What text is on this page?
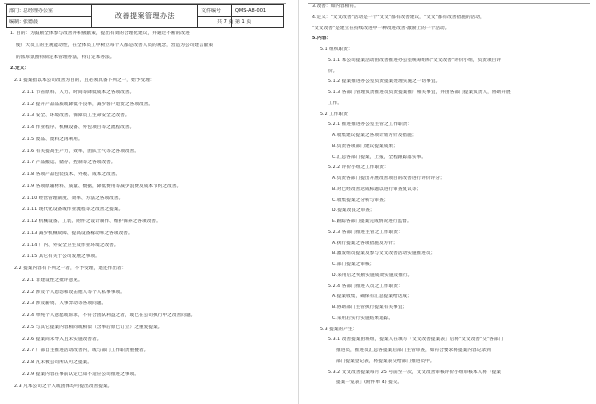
部门：
总经理办公室
编制：
张德晨
改善提案管理办法
文件编号	QMS-A8-001
共 7 页 第 1 页
1. 目的：为鼓励全体参与改善并积极献策，提出有效的合理化建议，并通过不断的改进
使广大员工的主观能动性，在全体员工中树立每个人都是改善人员的观念，营造为公司建言献策
的浓厚氛围特制定本管理办法，特订定本办法。
2.定义：
2.1 提案指以本公司改善为目的，且必须具备下列之一，始予受理：
2.1.1 节省原料、人力、时间等降低成本之各项改善。
2.1.2 提升产品品质或降低不良率，减少客户退货之各项改善。
2.1.3 安全、环境改善、保障员工生命安全之改善。
2.1.4 作业程序、机械设备、外包项目等之流程改善。
2.1.5 废品、废料之再利用。
2.1.6 有关提高生产力，效率，团队士气等之各项改善。
2.1.7 产品搬运、储存、控制等之各项改善。
2.1.8 各项产品包装技术、外观、成本之改善。
2.1.9 各项原辅材料、质量、数据，降低费用等减少浪费及成本节约之改善。
2.1.10 经营管理制度、效率、方法之各项改善。
2.1.11 现代化设备或作业流程等之改善之提案。
2.1.12 机械设备、工装、附件之设计制作、维护保养之各项改善。
2.1.13 减少机械故障、提高设备稼动率之各项改善。
2.1.14 厂内、外安全卫生及作业环境之改善。
2.1.15 其它有关于公司发展之事项。
2.2 提案内容有下列之一者，不予受理，退还作出者：
2.2.1 非建设性之批评意见。
2.2.2 涉及个人恩怨和攻击他人等个人私事事项。
2.2.3 涉及薪资、人事异动等各项问题。
2.2.4 单纯个人意愿或诉求，不符合团队利益之者，或已在公司执行中之改善问题。
2.2.5 与其它提案内容相同或相似（含事后原已订立）之重复提案。
2.2.6 提案尚未导入且未实施改善者。
2.2.7 厂部自主推进活动改善内，或与部门工作职责重叠者。
2.2.8 凡未被公司所认可之提案。
2.2.9 提案内容在事前认定已知不适应公司推进之事项。
2.3 凡本公司之个人或团体均可提出改善提案。
3.改善：如内容相符。
4.定义："文文改善"活动是一个"文文"都有改善建议，"文文"都有改善措施的活动，
"文文改善"是建立在持续改进中一种改进改善·激励上的一个活动。
5.内容：
5.1 组织职责：
5.1.1 本公司提案活动由改善推进办公室统筹组织"文文改善"评价小组，负责项目评
价。
5.1.2 提案推进办公室负责提案处理实施之一切事宜。
5.1.3 各部门管理负责推进员负责提案推广相关事宜，并由各部门提案负责人，协助开展
工作。
5.2 工作职责
5.2.1 推进推进办公室主管之工作职责：
A.收集建议提案之各项计划方针及措施；
B.负责各项部门建议提案成果；
C.汇总各部门提案，上报，全程跟踪落实事。
5.2.2 评价小组之工作职责：
A.负责各部门提出开展改善项目的改善进行评价评分；
B.对已经改善达成标题以进行审查复议等；
C.收集提案之分析与审查；
D.提案改良之审查；
E.跟踪各部门提案完成情况进行监督。
5.2.3 各部门推进主管之工作职责：
A.执行提案之各项措施及方针；
B.激发组员提案及参与文文改善活动实施推进员；
C.部门提案之审核；
D.采用后之奖励实施成效实施及推行。
5.2.4 各部门推进人员之工作职责：
A.提案收集，确保有汇总提案给达成；
B.协助部门主管执行提案有关事宜；
C.采用后实行实施结果追踪。
5.3 提案的产生：
5.3.1 改善提案由班组，提案人在填写「文文改善提案表」后将"文文改善"交"各部门
推进员，推进员汇总各提案后部门主管审查，如符合要求将提案内容记录到
部门提案登记表，将提案表交给部门推进员中。
5.3.2 文文改善提案每月 25 号前至一次，文文改善审核评价小组审核本人将「提案
提案一览表」(附件单 4) 提交。
